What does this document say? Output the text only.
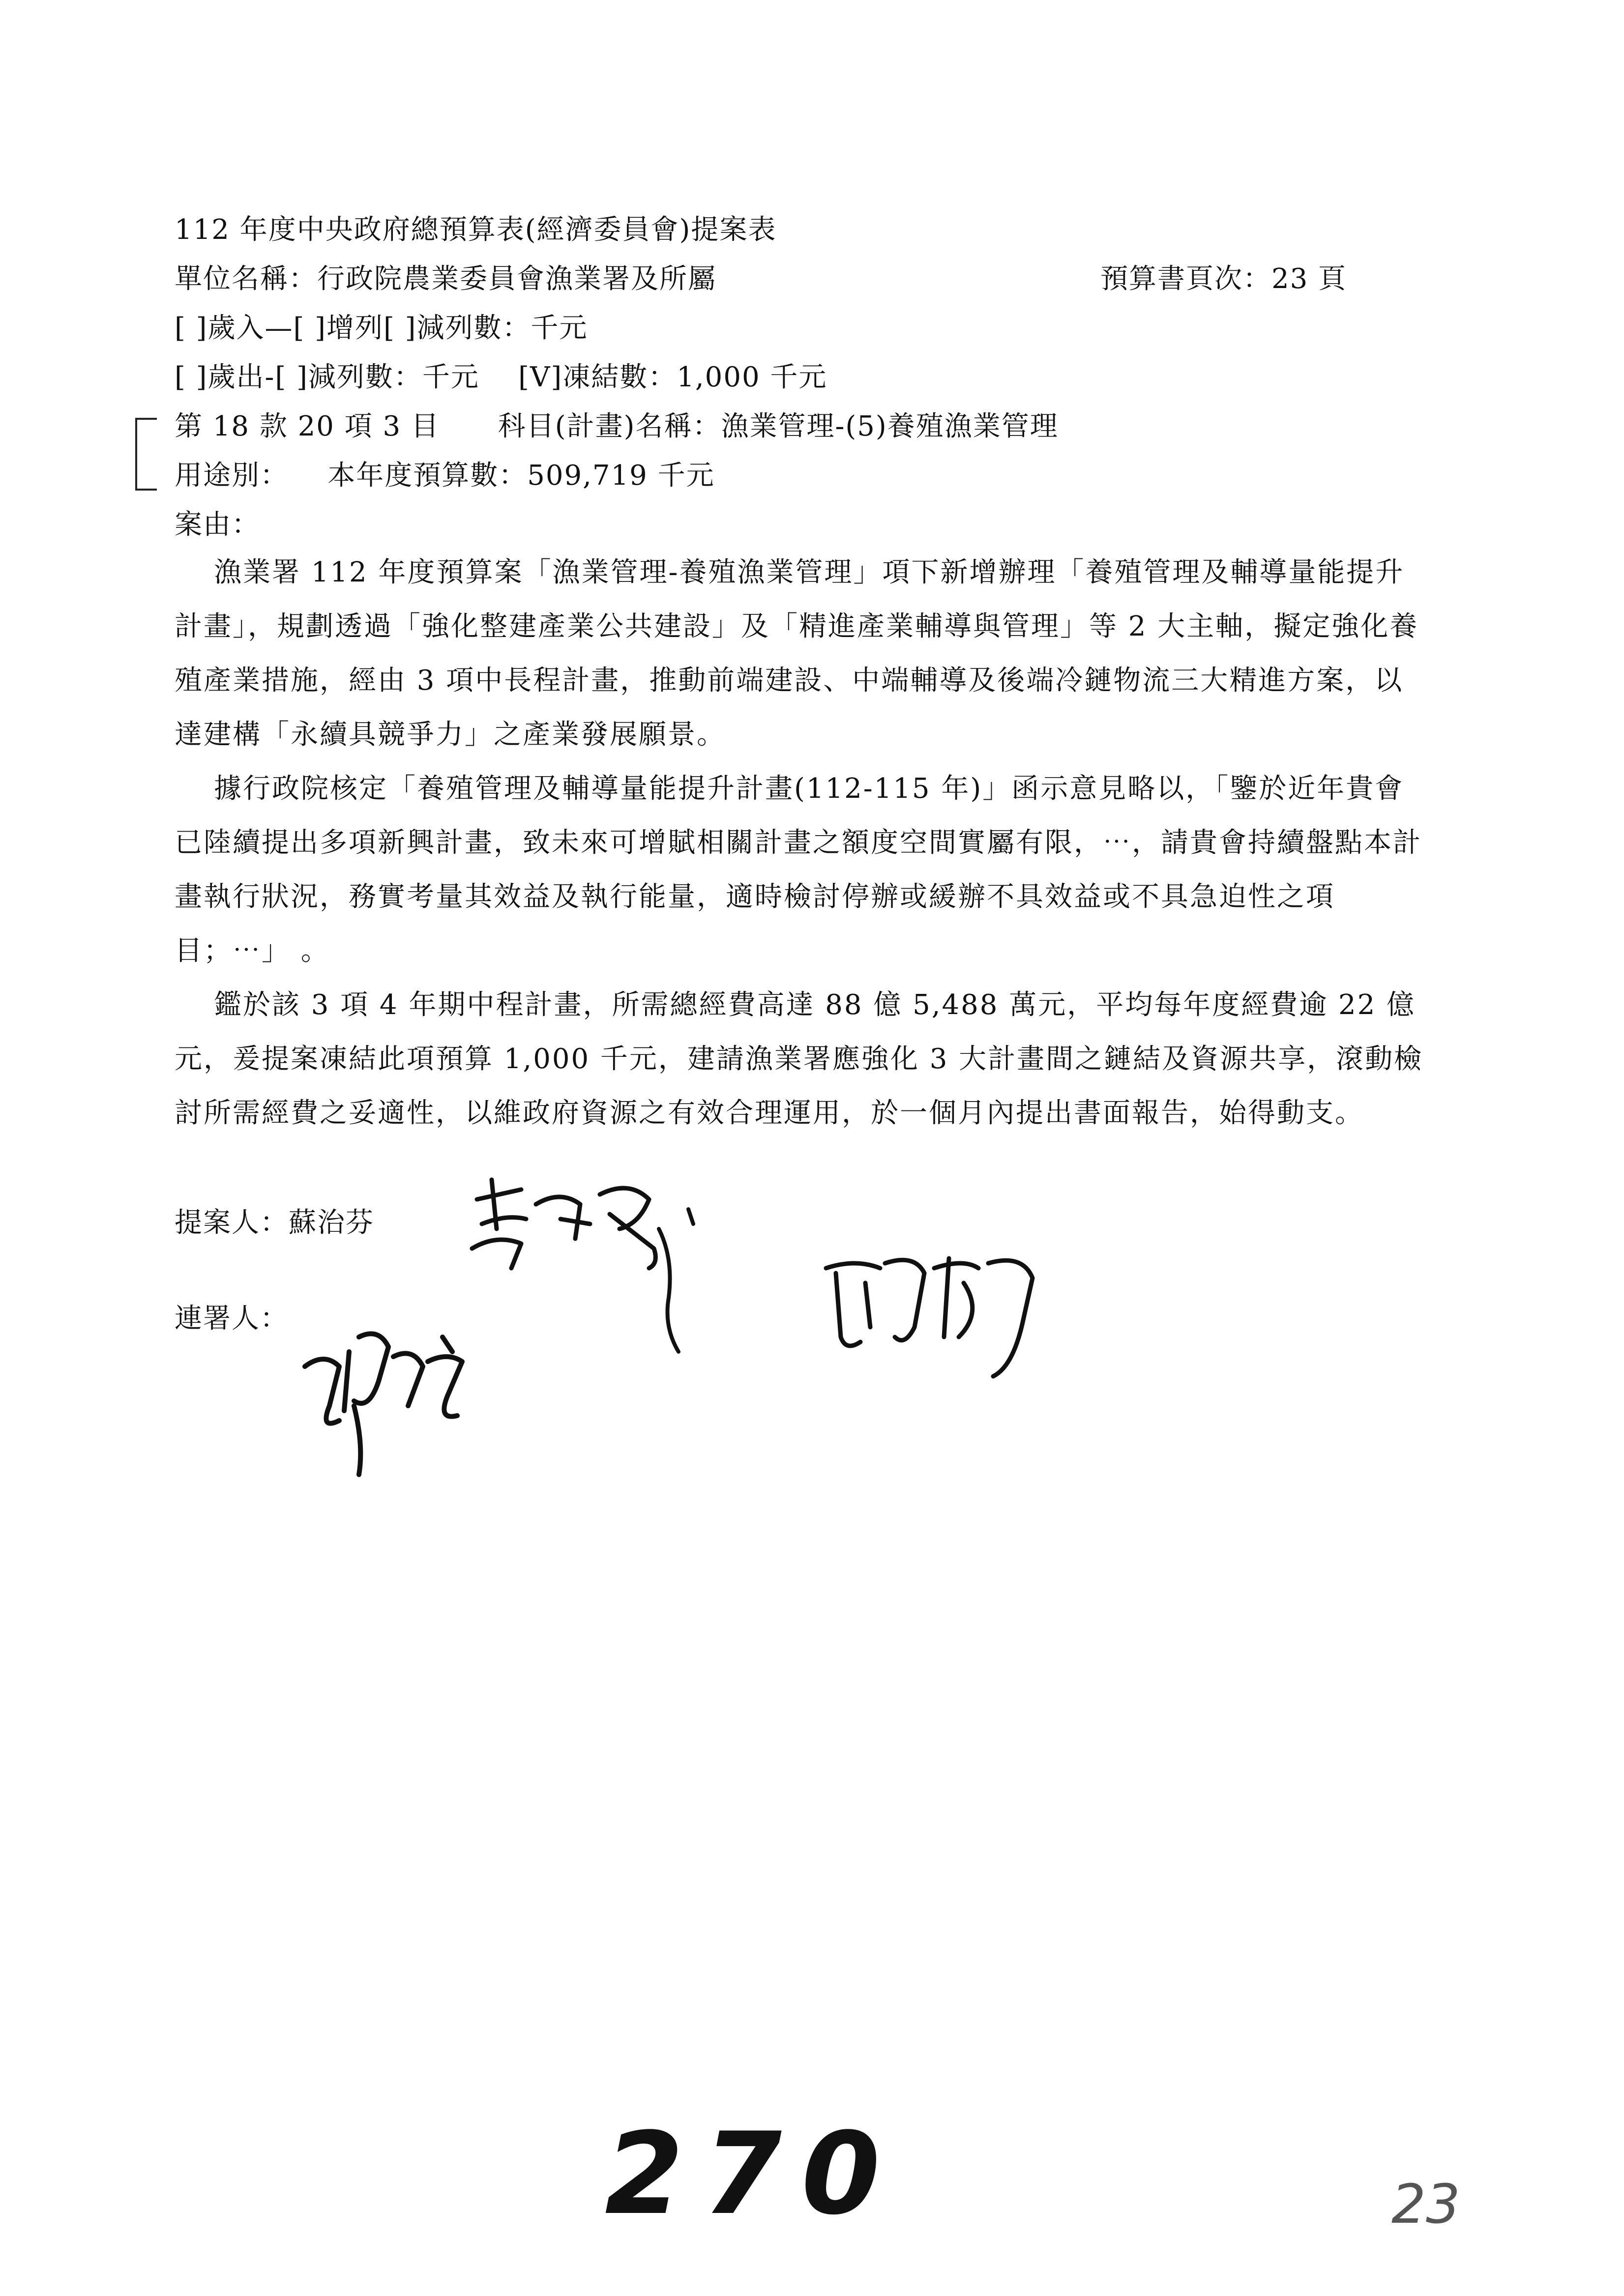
112 年度中央政府總預算表(經濟委員會)提案表
單位名稱：行政院農業委員會漁業署及所屬	預算書頁次：23 頁
[ ]歲入—[ ]增列[ ]減列數：千元
[ ]歲出-[ ]減列數：千元    [V]凍結數：1,000 千元
第 18 款 20 項 3 目      科目(計畫)名稱：漁業管理-(5)養殖漁業管理
用途別：    本年度預算數：509,719 千元
案由：
漁業署 112 年度預算案「漁業管理-養殖漁業管理」項下新增辦理「養殖管理及輔導量能提升計畫」，規劃透過「強化整建產業公共建設」及「精進產業輔導與管理」等 2 大主軸，擬定強化養殖產業措施，經由 3 項中長程計畫，推動前端建設、中端輔導及後端冷鏈物流三大精進方案，以達建構「永續具競爭力」之產業發展願景。
據行政院核定「養殖管理及輔導量能提升計畫(112-115 年)」函示意見略以，「鑒於近年貴會已陸續提出多項新興計畫，致未來可增賦相關計畫之額度空間實屬有限，⋯，請貴會持續盤點本計畫執行狀況，務實考量其效益及執行能量，適時檢討停辦或緩辦不具效益或不具急迫性之項目；⋯」 。
鑑於該 3 項 4 年期中程計畫，所需總經費高達 88 億 5,488 萬元，平均每年度經費逾 22 億元，爰提案凍結此項預算 1,000 千元，建請漁業署應強化 3 大計畫間之鏈結及資源共享，滾動檢討所需經費之妥適性，以維政府資源之有效合理運用，於一個月內提出書面報告，始得動支。
提案人：蘇治芬
連署人：
270	23
